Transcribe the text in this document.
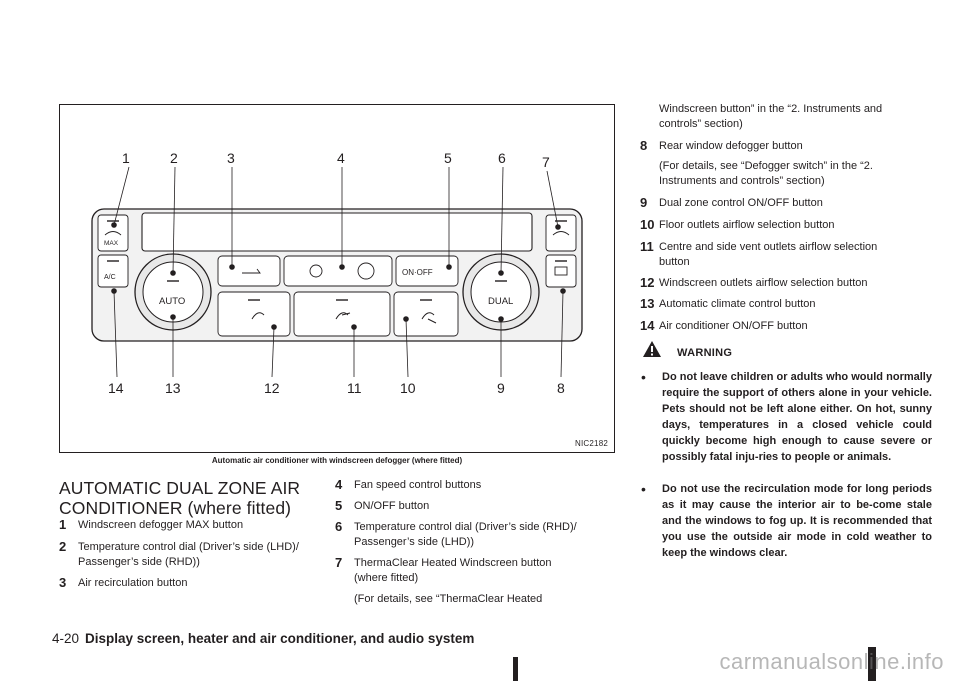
1	2	3	4	5	6	7
14	13	12	11	10	9	8
MAX
A/C
AUTO	DUAL
ON·OFF
NIC2182
Automatic air conditioner with windscreen defogger (where fitted)
AUTOMATIC DUAL ZONE AIR CONDITIONER (where fitted)
1 Windscreen defogger MAX button
2 Temperature control dial (Driver’s side (LHD)/ Passenger’s side (RHD))
3 Air recirculation button
4 Fan speed control buttons
5 ON/OFF button
6 Temperature control dial (Driver’s side (RHD)/ Passenger’s side (LHD))
7 ThermaClear Heated Windscreen button (where fitted)
(For details, see “ThermaClear Heated
Windscreen button” in the “2. Instruments and controls” section)
8 Rear window defogger button
(For details, see “Defogger switch” in the “2. Instruments and controls” section)
9 Dual zone control ON/OFF button
10 Floor outlets airflow selection button
11 Centre and side vent outlets airflow selection button
12 Windscreen outlets airflow selection button
13 Automatic climate control button
14 Air conditioner ON/OFF button
WARNING
• Do not leave children or adults who would normally require the support of others alone in your vehicle. Pets should not be left alone either. On hot, sunny days, temperatures in a closed vehicle could quickly become high enough to cause severe or possibly fatal inju-ries to people or animals.
• Do not use the recirculation mode for long periods as it may cause the interior air to be-come stale and the windows to fog up. It is recommended that you use the outside air mode in cold weather to keep the windows clear.
4-20 Display screen, heater and air conditioner, and audio system
carmanualsonline.info
